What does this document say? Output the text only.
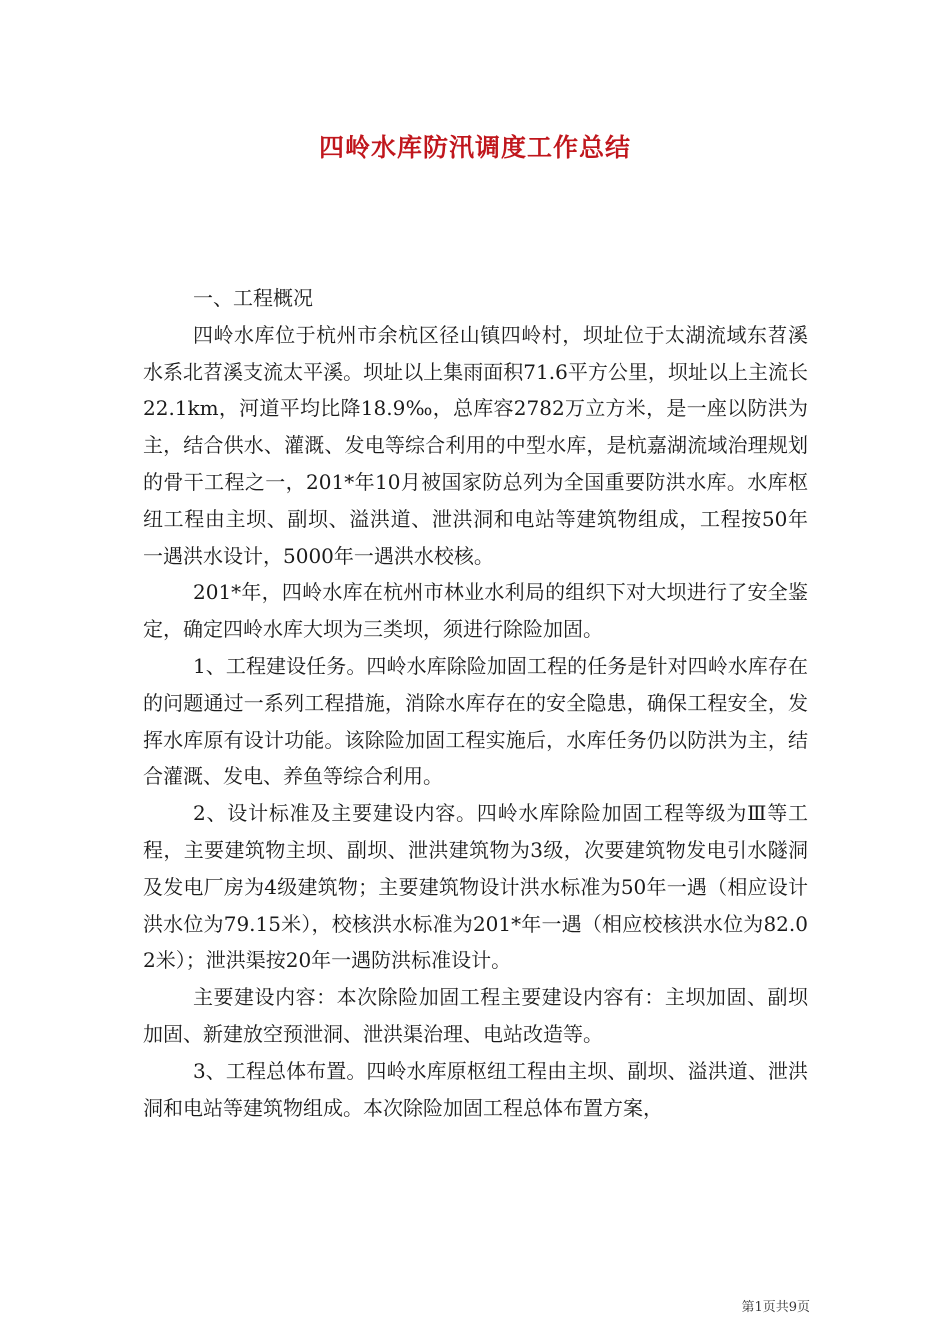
四岭水库防汛调度工作总结

一、工程概况

四岭水库位于杭州市余杭区径山镇四岭村，坝址位于太湖流域东苕溪水系北苕溪支流太平溪。坝址以上集雨面积71.6平方公里，坝址以上主流长22.1km，河道平均比降18.9‰，总库容2782万立方米，是一座以防洪为主，结合供水、灌溉、发电等综合利用的中型水库，是杭嘉湖流域治理规划的骨干工程之一，201*年10月被国家防总列为全国重要防洪水库。水库枢纽工程由主坝、副坝、溢洪道、泄洪洞和电站等建筑物组成，工程按50年一遇洪水设计，5000年一遇洪水校核。

201*年，四岭水库在杭州市林业水利局的组织下对大坝进行了安全鉴定，确定四岭水库大坝为三类坝，须进行除险加固。

1、工程建设任务。四岭水库除险加固工程的任务是针对四岭水库存在的问题通过一系列工程措施，消除水库存在的安全隐患，确保工程安全，发挥水库原有设计功能。该除险加固工程实施后，水库任务仍以防洪为主，结合灌溉、发电、养鱼等综合利用。

2、设计标准及主要建设内容。四岭水库除险加固工程等级为Ⅲ等工程，主要建筑物主坝、副坝、泄洪建筑物为3级，次要建筑物发电引水隧洞及发电厂房为4级建筑物；主要建筑物设计洪水标准为50年一遇（相应设计洪水位为79.15米），校核洪水标准为201*年一遇（相应校核洪水位为82.02米）；泄洪渠按20年一遇防洪标准设计。

主要建设内容：本次除险加固工程主要建设内容有：主坝加固、副坝加固、新建放空预泄洞、泄洪渠治理、电站改造等。

3、工程总体布置。四岭水库原枢纽工程由主坝、副坝、溢洪道、泄洪洞和电站等建筑物组成。本次除险加固工程总体布置方案，

第1页共9页
